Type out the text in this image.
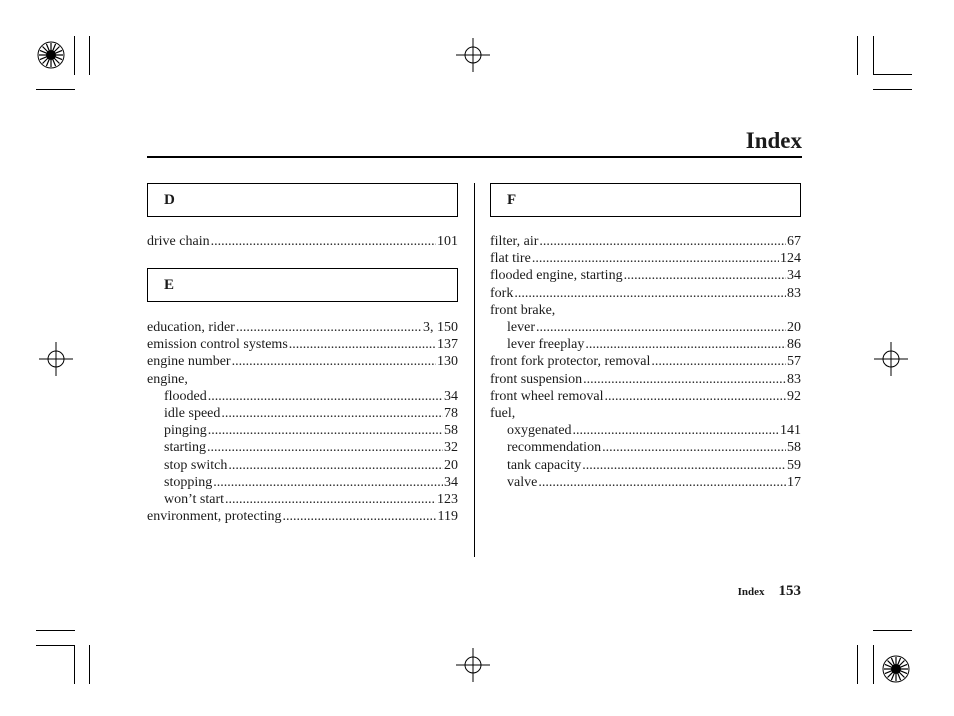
Index
D
drive chain .....	101
E
education, rider .....	3, 150
emission control systems .....	137
engine number .....	130
engine,
flooded .....	34
idle speed .....	78
pinging .....	58
starting .....	32
stop switch .....	20
stopping .....	34
won’t start .....	123
environment, protecting .....	119
F
filter, air .....	67
flat tire .....	124
flooded engine, starting .....	34
fork .....	83
front brake,
lever .....	20
lever freeplay .....	86
front fork protector, removal .....	57
front suspension .....	83
front wheel removal .....	92
fuel,
oxygenated .....	141
recommendation .....	58
tank capacity .....	59
valve .....	17
Index 153
